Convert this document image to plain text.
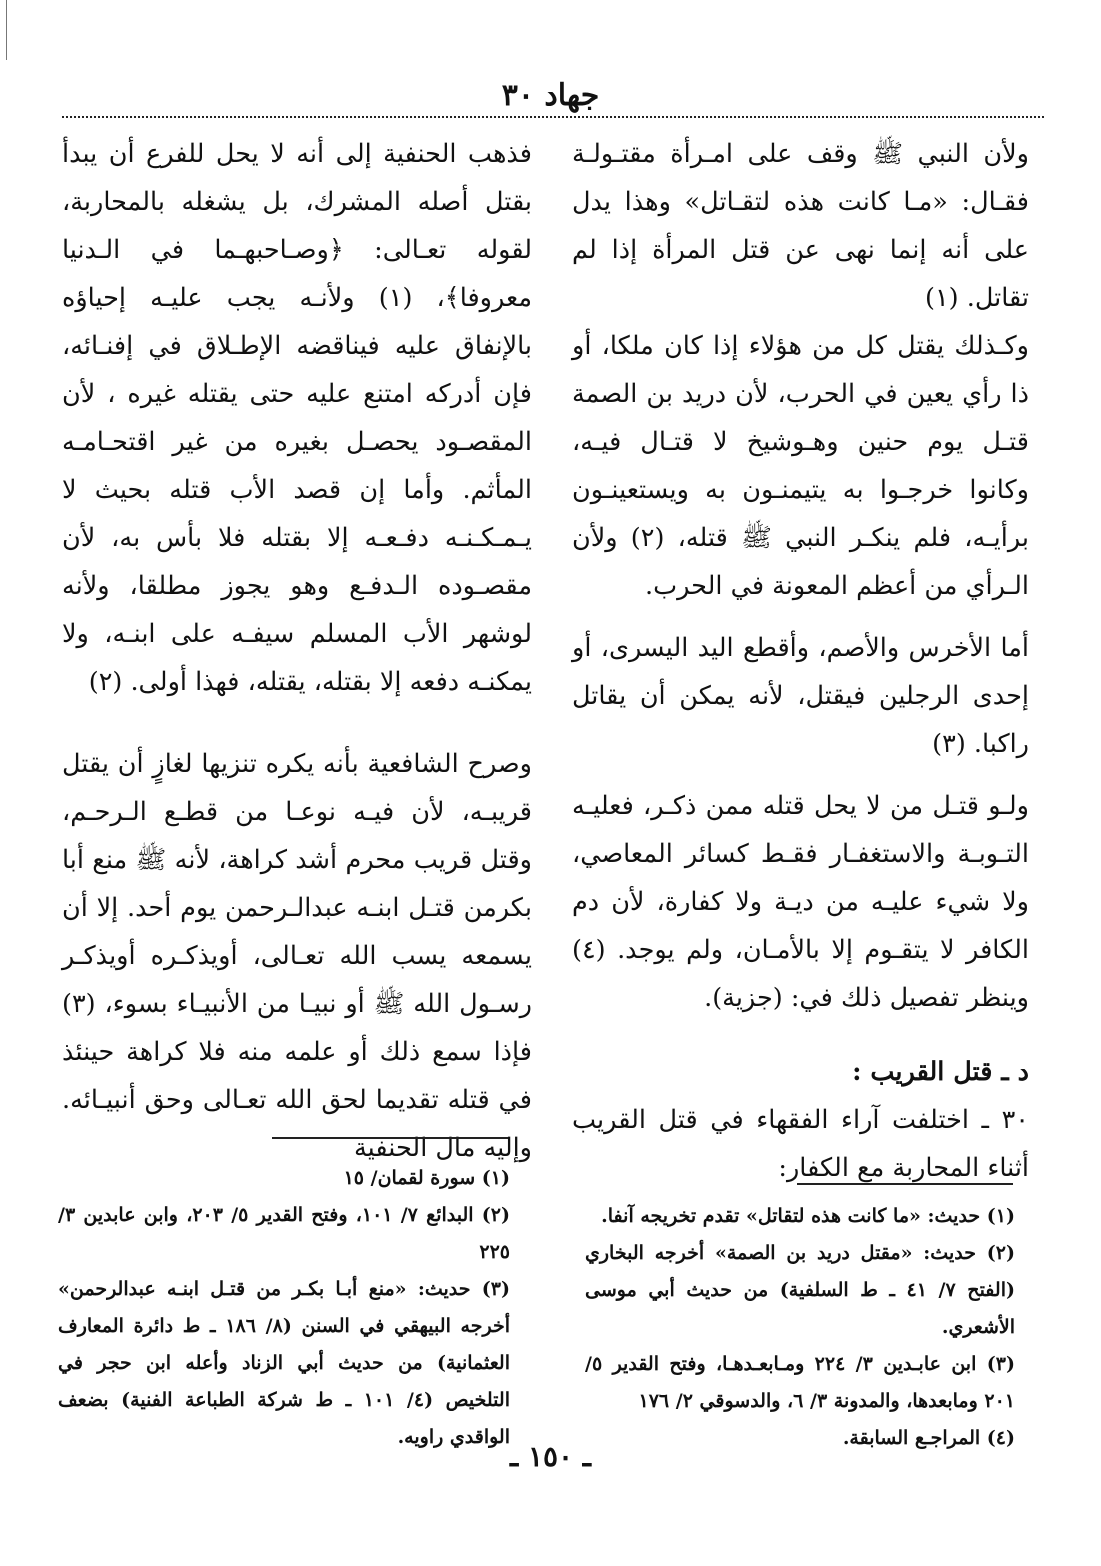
جهاد ٣٠

ولأن النبي ﷺ وقف على امـرأة مقتـولـة فقـال: «مـا كانت هذه لتقـاتل» وهذا يدل على أنه إنما نهى عن قتل المرأة إذا لم تقاتل. (١)

وكـذلك يقتل كل من هؤلاء إذا كان ملكا، أو ذا رأي يعين في الحرب، لأن دريد بن الصمة قتـل يوم حنين وهـوشيخ لا قتـال فيـه، وكانوا خرجـوا به يتيمنـون به ويستعينـون برأيـه، فلم ينكـر النبي ﷺ قتله، (٢) ولأن الـرأي من أعظم المعونة في الحرب.

أما الأخرس والأصم، وأقطع اليد اليسرى، أو إحدى الرجلين فيقتل، لأنه يمكن أن يقاتل راكبا. (٣)

ولـو قتـل من لا يحل قتله ممن ذكـر، فعليـه التـوبـة والاستغفـار فقـط كسائر المعاصي، ولا شيء عليـه من ديـة ولا كفارة، لأن دم الكافر لا يتقـوم إلا بالأمـان، ولم يوجد. (٤) وينظر تفصيل ذلك في: (جزية).

د ـ قتل القريب :

٣٠ ـ اختلفت آراء الفقهاء في قتل القريب أثناء المحاربة مع الكفار:

فذهب الحنفية إلى أنه لا يحل للفرع أن يبدأ بقتل أصله المشرك، بل يشغله بالمحاربة، لقوله تعـالى: ﴿وصـاحبهـما في الـدنيا معروفا﴾، (١) ولأنـه يجب عليـه إحياؤه بالإنفاق عليه فيناقضه الإطـلاق في إفنـائه، فإن أدركه امتنع عليه حتى يقتله غيره ، لأن المقصـود يحصـل بغيره من غير اقتحـامـه المأثم. وأما إن قصد الأب قتله بحيث لا يـمـكـنـه دفـعـه إلا بقتله فلا بأس به، لأن مقصـوده الـدفـع وهو يجوز مطلقا، ولأنه لوشهر الأب المسلم سيفـه على ابنـه، ولا يمكنـه دفعه إلا بقتله، يقتله، فهذا أولى. (٢)

وصرح الشافعية بأنه يكره تنزيها لغازٍ أن يقتل قريبـه، لأن فيـه نوعـا من قطـع الـرحـم، وقتل قريب محرم أشد كراهة، لأنه ﷺ منع أبا بكرمن قتـل ابنـه عبدالـرحمن يوم أحد. إلا أن يسمعه يسب الله تعـالى، أويذكـره أويذكـر رسـول الله ﷺ أو نبيـا من الأنبيـاء بسوء، (٣) فإذا سمع ذلك أو علمه منه فلا كراهة حينئذ في قتله تقديما لحق الله تعـالى وحق أنبيـائه. وإليه مال الحنفية

(١) حديث: «ما كانت هذه لتقاتل» تقدم تخريجه آنفا.

(٢) حديث: «مقتل دريد بن الصمة» أخرجه البخاري (الفتح ٧/ ٤١ ـ ط السلفية) من حديث أبي موسى الأشعري.

(٣) ابن عابـدين ٣/ ٢٢٤ ومـابعـدهـا، وفتح القدير ٥/ ٢٠١ ومابعدها، والمدونة ٣/ ٦، والدسوقي ٢/ ١٧٦

(٤) المراجـع السابقة.

(١) سورة لقمان/ ١٥

(٢) البدائع ٧/ ١٠١، وفتح القدير ٥/ ٢٠٣، وابن عابدين ٣/ ٢٢٥

(٣) حديث: «منع أبـا بكـر من قتـل ابنـه عبدالرحمن» أخرجه البيهقي في السنن (٨/ ١٨٦ ـ ط دائرة المعارف العثمانية) من حديث أبي الزناد وأعله ابن حجر في التلخيص (٤/ ١٠١ ـ ط شركة الطباعة الفنية) بضعف الواقدي راويه.

ـ ١٥٠ ـ
